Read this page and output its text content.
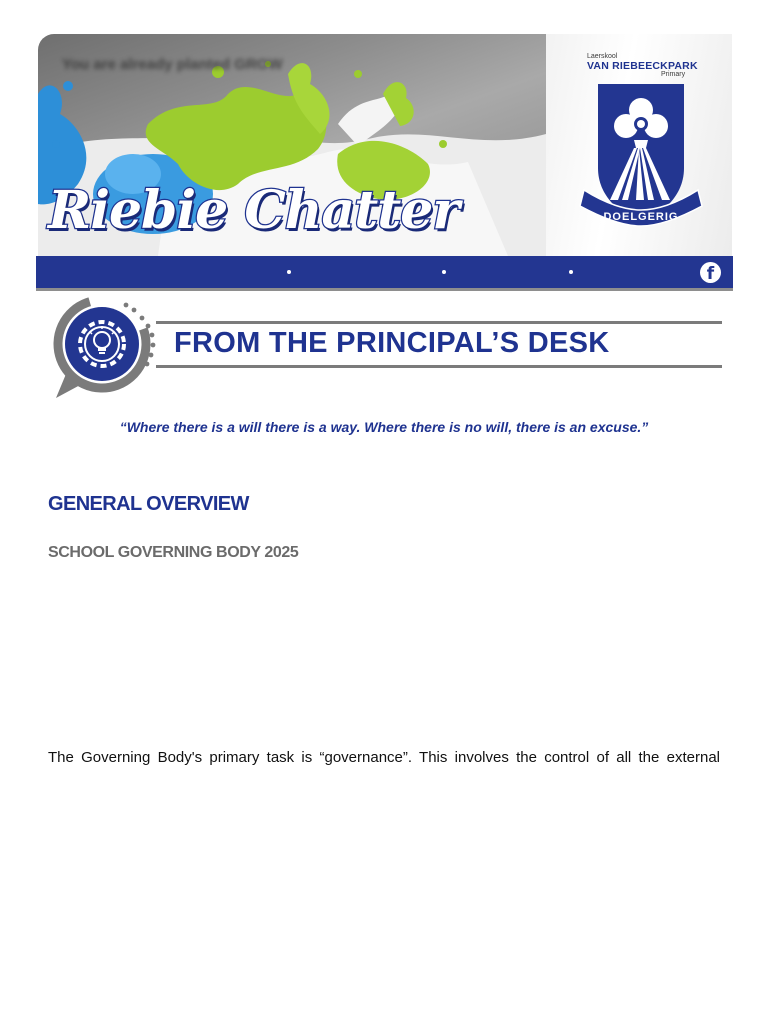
You are already planted GROW
Riebie Chatter
Laerskool
VAN RIEBEECKPARK
Primary
DOELGERIG
f
FROM THE PRINCIPAL’S DESK
“Where there is a will there is a way. Where there is no will, there is an excuse.”
GENERAL OVERVIEW
SCHOOL GOVERNING BODY 2025
The Governing Body's primary task is “governance”. This involves the control of all the external
